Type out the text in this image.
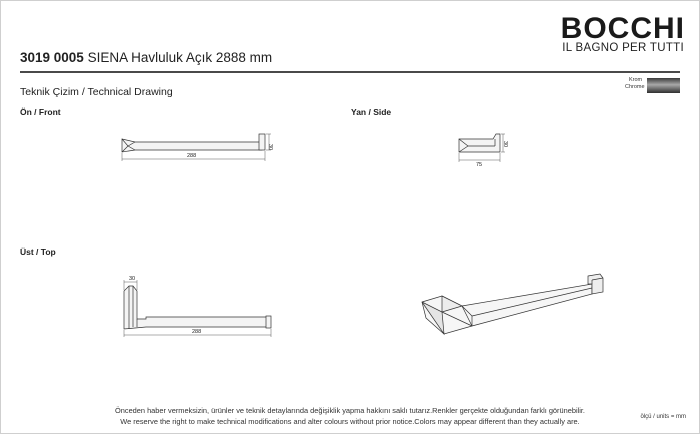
BOCCHI
IL BAGNO PER TUTTI
3019 0005 SIENA Havluluk Açık 2888 mm
Teknik Çizim / Technical Drawing
Krom
Chrome
Ön / Front	Yan / Side
Üst / Top
288
30
75
30
30
288
Önceden haber vermeksizin, ürünler ve teknik detaylarında değişiklik yapma hakkını saklı tutarız.Renkler gerçekte olduğundan farklı görünebilir.
We reserve the right to make technical modifications and alter colours without prior notice.Colors may appear different than they actually are.	ölçü / units = mm
